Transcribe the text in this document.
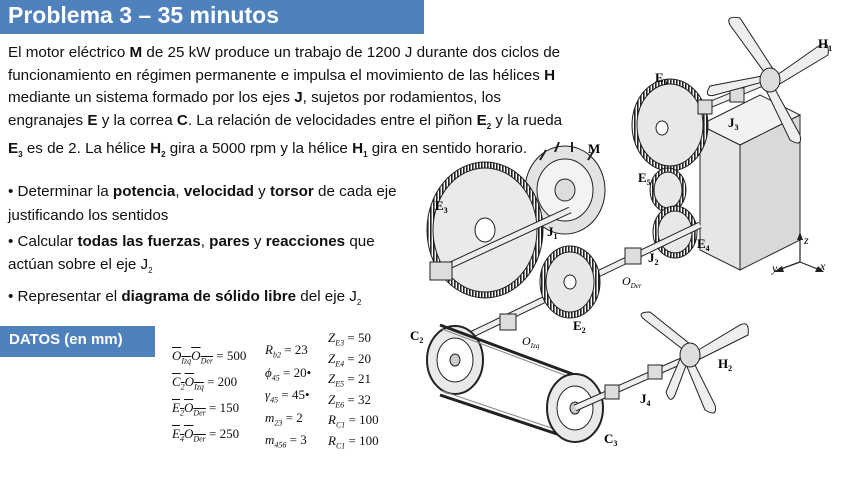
Problema 3 – 35 minutos
El motor eléctrico M de 25 kW produce un trabajo de 1200 J durante dos ciclos de funcionamiento en régimen permanente e impulsa el movimiento de las hélices H mediante un sistema formado por los ejes J, sujetos por rodamientos, los engranajes E y la correa C. La relación de velocidades entre el piñon $E_2$ y la rueda $E_3$ es de 2. La hélice $H_2$ gira a 5000 rpm y la hélice $H_1$ gira en sentido horario.
• Determinar la potencia, velocidad y torsor de cada eje justificando los sentidos
• Calcular todas las fuerzas, pares y reacciones que actúan sobre el eje $J_2$
• Representar el diagrama de sólido libre del eje $J_2$
DATOS (en mm)
$H_1$
$E_6$
$J_3$
M
$E_5$
$E_3$
$J_1$	$E_4$
$J_2$
$O_{Der}$
$O_{Izq}$
$E_2$
$C_2$
$C_3$
$H_2$
$J_4$
z
y	x
$O_{Izq}O_{Der} = 500$
$C_2O_{Izq} = 200$
$E_2O_{Der} = 150$
$E_4O_{Der} = 250$
$R_{b2} = 23$
$\phi_{45}$ = 20•
$\gamma_{45}$ = 45•
$m_{23} = 2$
$m_{456} = 3$
$Z_{E3} = 50$
$Z_{E4} = 20$
$Z_{E5} = 21$
$Z_{E6} = 32$
$R_{C1} = 100$
$R_{C1} = 100$
